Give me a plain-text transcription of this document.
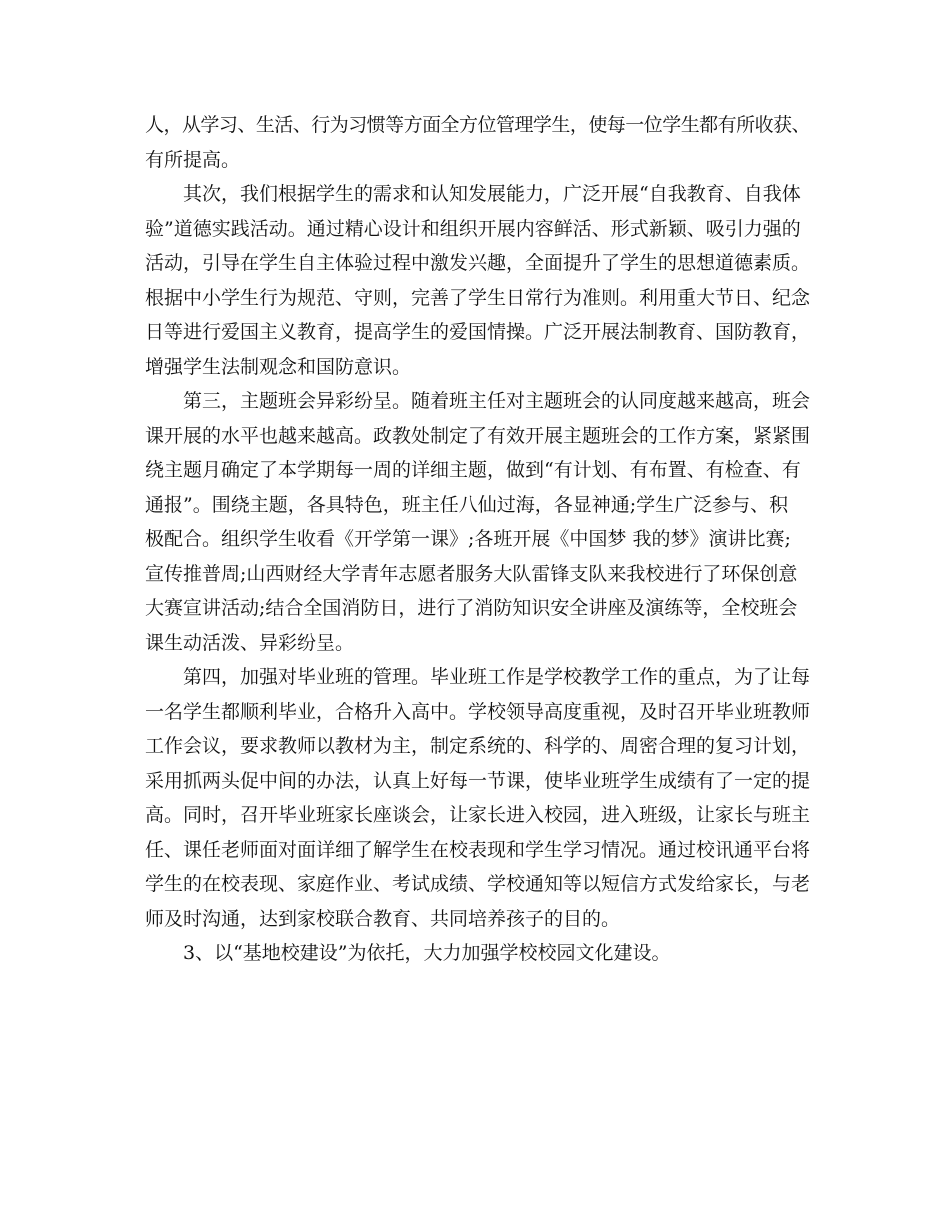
人，从学习、生活、行为习惯等方面全方位管理学生，使每一位学生都有所收获、
有所提高。
其次，我们根据学生的需求和认知发展能力，广泛开展“自我教育、自我体
验”道德实践活动。通过精心设计和组织开展内容鲜活、形式新颖、吸引力强的
活动，引导在学生自主体验过程中激发兴趣，全面提升了学生的思想道德素质。
根据中小学生行为规范、守则，完善了学生日常行为准则。利用重大节日、纪念
日等进行爱国主义教育，提高学生的爱国情操。广泛开展法制教育、国防教育，
增强学生法制观念和国防意识。
第三，主题班会异彩纷呈。随着班主任对主题班会的认同度越来越高，班会
课开展的水平也越来越高。政教处制定了有效开展主题班会的工作方案，紧紧围
绕主题月确定了本学期每一周的详细主题，做到“有计划、有布置、有检查、有
通报”。围绕主题，各具特色，班主任八仙过海，各显神通;学生广泛参与、积
极配合。组织学生收看《开学第一课》;各班开展《中国梦 我的梦》演讲比赛;
宣传推普周;山西财经大学青年志愿者服务大队雷锋支队来我校进行了环保创意
大赛宣讲活动;结合全国消防日，进行了消防知识安全讲座及演练等，全校班会
课生动活泼、异彩纷呈。
第四，加强对毕业班的管理。毕业班工作是学校教学工作的重点，为了让每
一名学生都顺利毕业，合格升入高中。学校领导高度重视，及时召开毕业班教师
工作会议，要求教师以教材为主，制定系统的、科学的、周密合理的复习计划，
采用抓两头促中间的办法，认真上好每一节课，使毕业班学生成绩有了一定的提
高。同时，召开毕业班家长座谈会，让家长进入校园，进入班级，让家长与班主
任、课任老师面对面详细了解学生在校表现和学生学习情况。通过校讯通平台将
学生的在校表现、家庭作业、考试成绩、学校通知等以短信方式发给家长，与老
师及时沟通，达到家校联合教育、共同培养孩子的目的。
3、以“基地校建设”为依托，大力加强学校校园文化建设。
